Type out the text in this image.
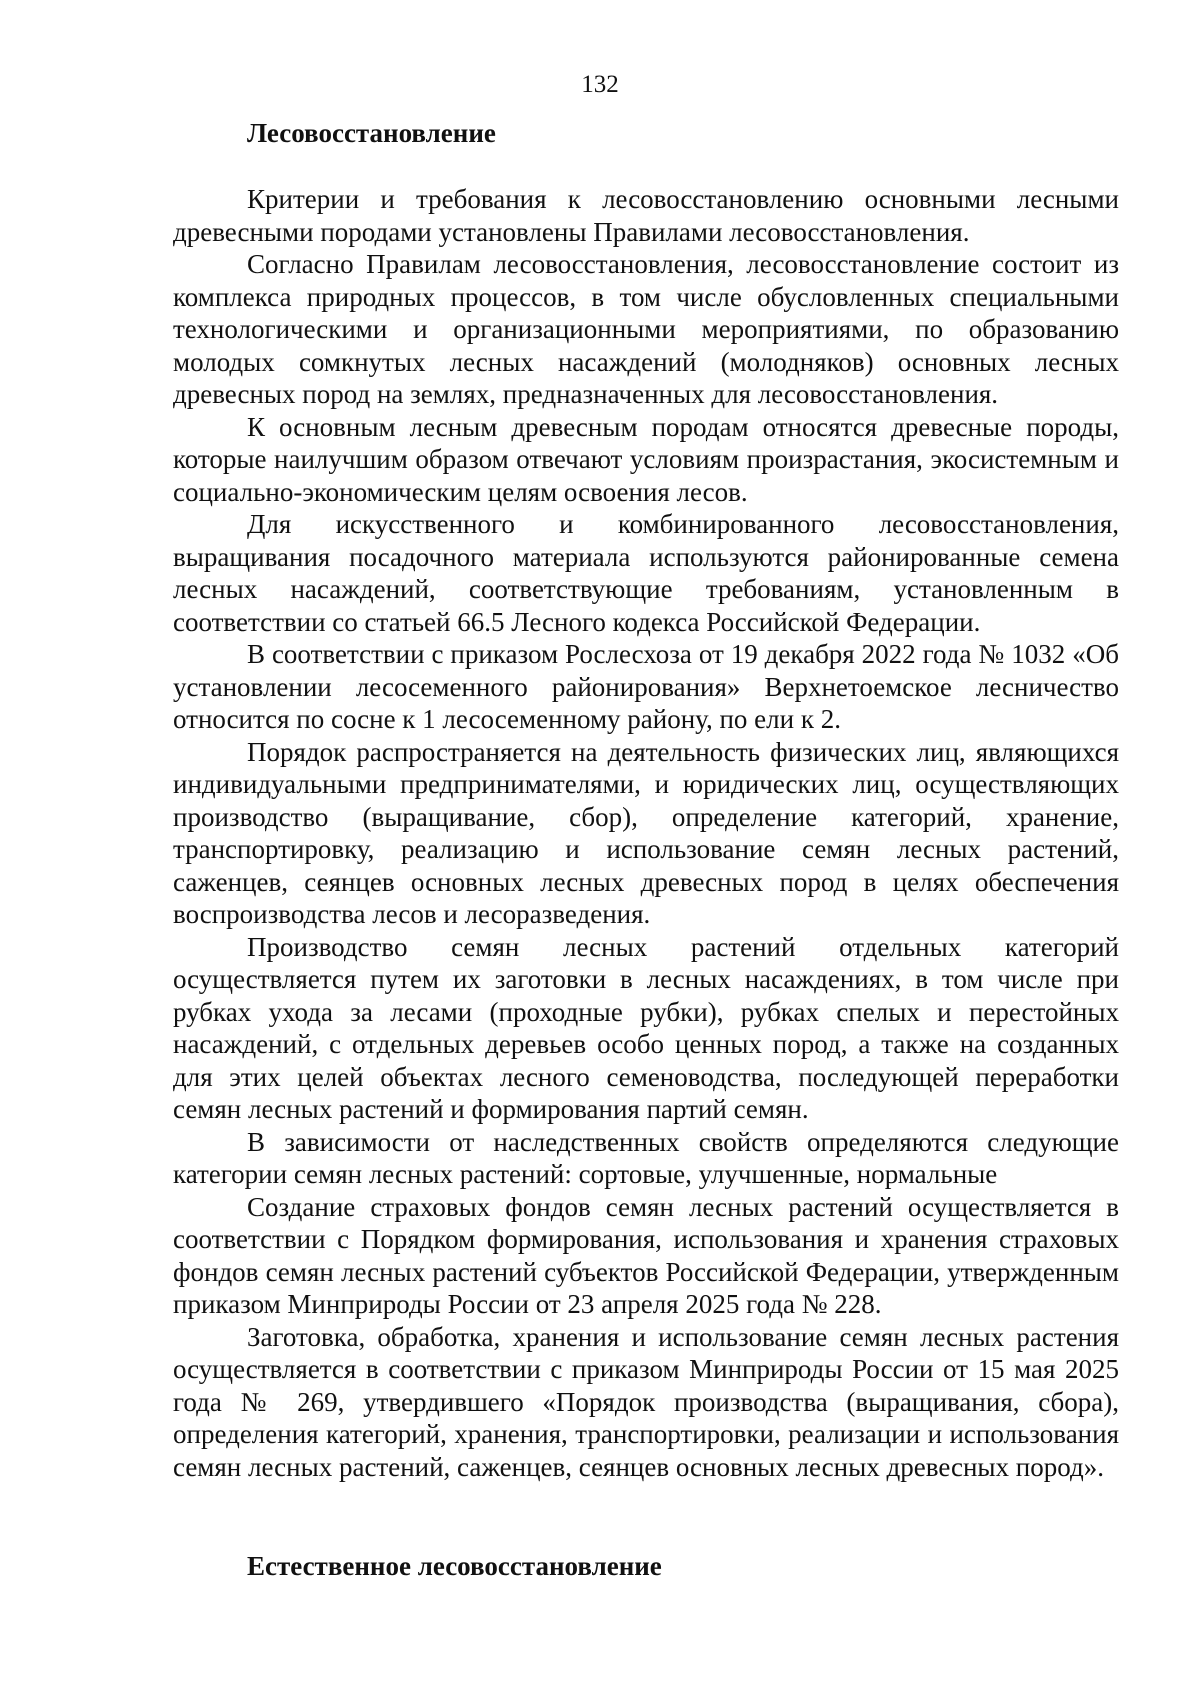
132
Лесовосстановление

Критерии и требования к лесовосстановлению основными лесными древесными породами установлены Правилами лесовосстановления.

Согласно Правилам лесовосстановления, лесовосстановление состоит из комплекса природных процессов, в том числе обусловленных специальными технологическими и организационными мероприятиями, по образованию молодых сомкнутых лесных насаждений (молодняков) основных лесных древесных пород на землях, предназначенных для лесовосстановления.

К основным лесным древесным породам относятся древесные породы, которые наилучшим образом отвечают условиям произрастания, экосистемным и социально-экономическим целям освоения лесов.

Для искусственного и комбинированного лесовосстановления, выращивания посадочного материала используются районированные семена лесных насаждений, соответствующие требованиям, установленным в соответствии со статьей 66.5 Лесного кодекса Российской Федерации.

В соответствии с приказом Рослесхоза от 19 декабря 2022 года № 1032 «Об установлении лесосеменного районирования» Верхнетоемское лесничество относится по сосне к 1 лесосеменному району, по ели к 2.

Порядок распространяется на деятельность физических лиц, являющихся индивидуальными предпринимателями, и юридических лиц, осуществляющих производство (выращивание, сбор), определение категорий, хранение, транспортировку, реализацию и использование семян лесных растений, саженцев, сеянцев основных лесных древесных пород в целях обеспечения воспроизводства лесов и лесоразведения.

Производство семян лесных растений отдельных категорий осуществляется путем их заготовки в лесных насаждениях, в том числе при рубках ухода за лесами (проходные рубки), рубках спелых и перестойных насаждений, с отдельных деревьев особо ценных пород, а также на созданных для этих целей объектах лесного семеноводства, последующей переработки семян лесных растений и формирования партий семян.

В зависимости от наследственных свойств определяются следующие категории семян лесных растений: сортовые, улучшенные, нормальные

Создание страховых фондов семян лесных растений осуществляется в соответствии с Порядком формирования, использования и хранения страховых фондов семян лесных растений субъектов Российской Федерации, утвержденным приказом Минприроды России от 23 апреля 2025 года № 228.

Заготовка, обработка, хранения и использование семян лесных растения осуществляется в соответствии с приказом Минприроды России от 15 мая 2025 года № 269, утвердившего «Порядок производства (выращивания, сбора), определения категорий, хранения, транспортировки, реализации и использования семян лесных растений, саженцев, сеянцев основных лесных древесных пород».

Естественное лесовосстановление
